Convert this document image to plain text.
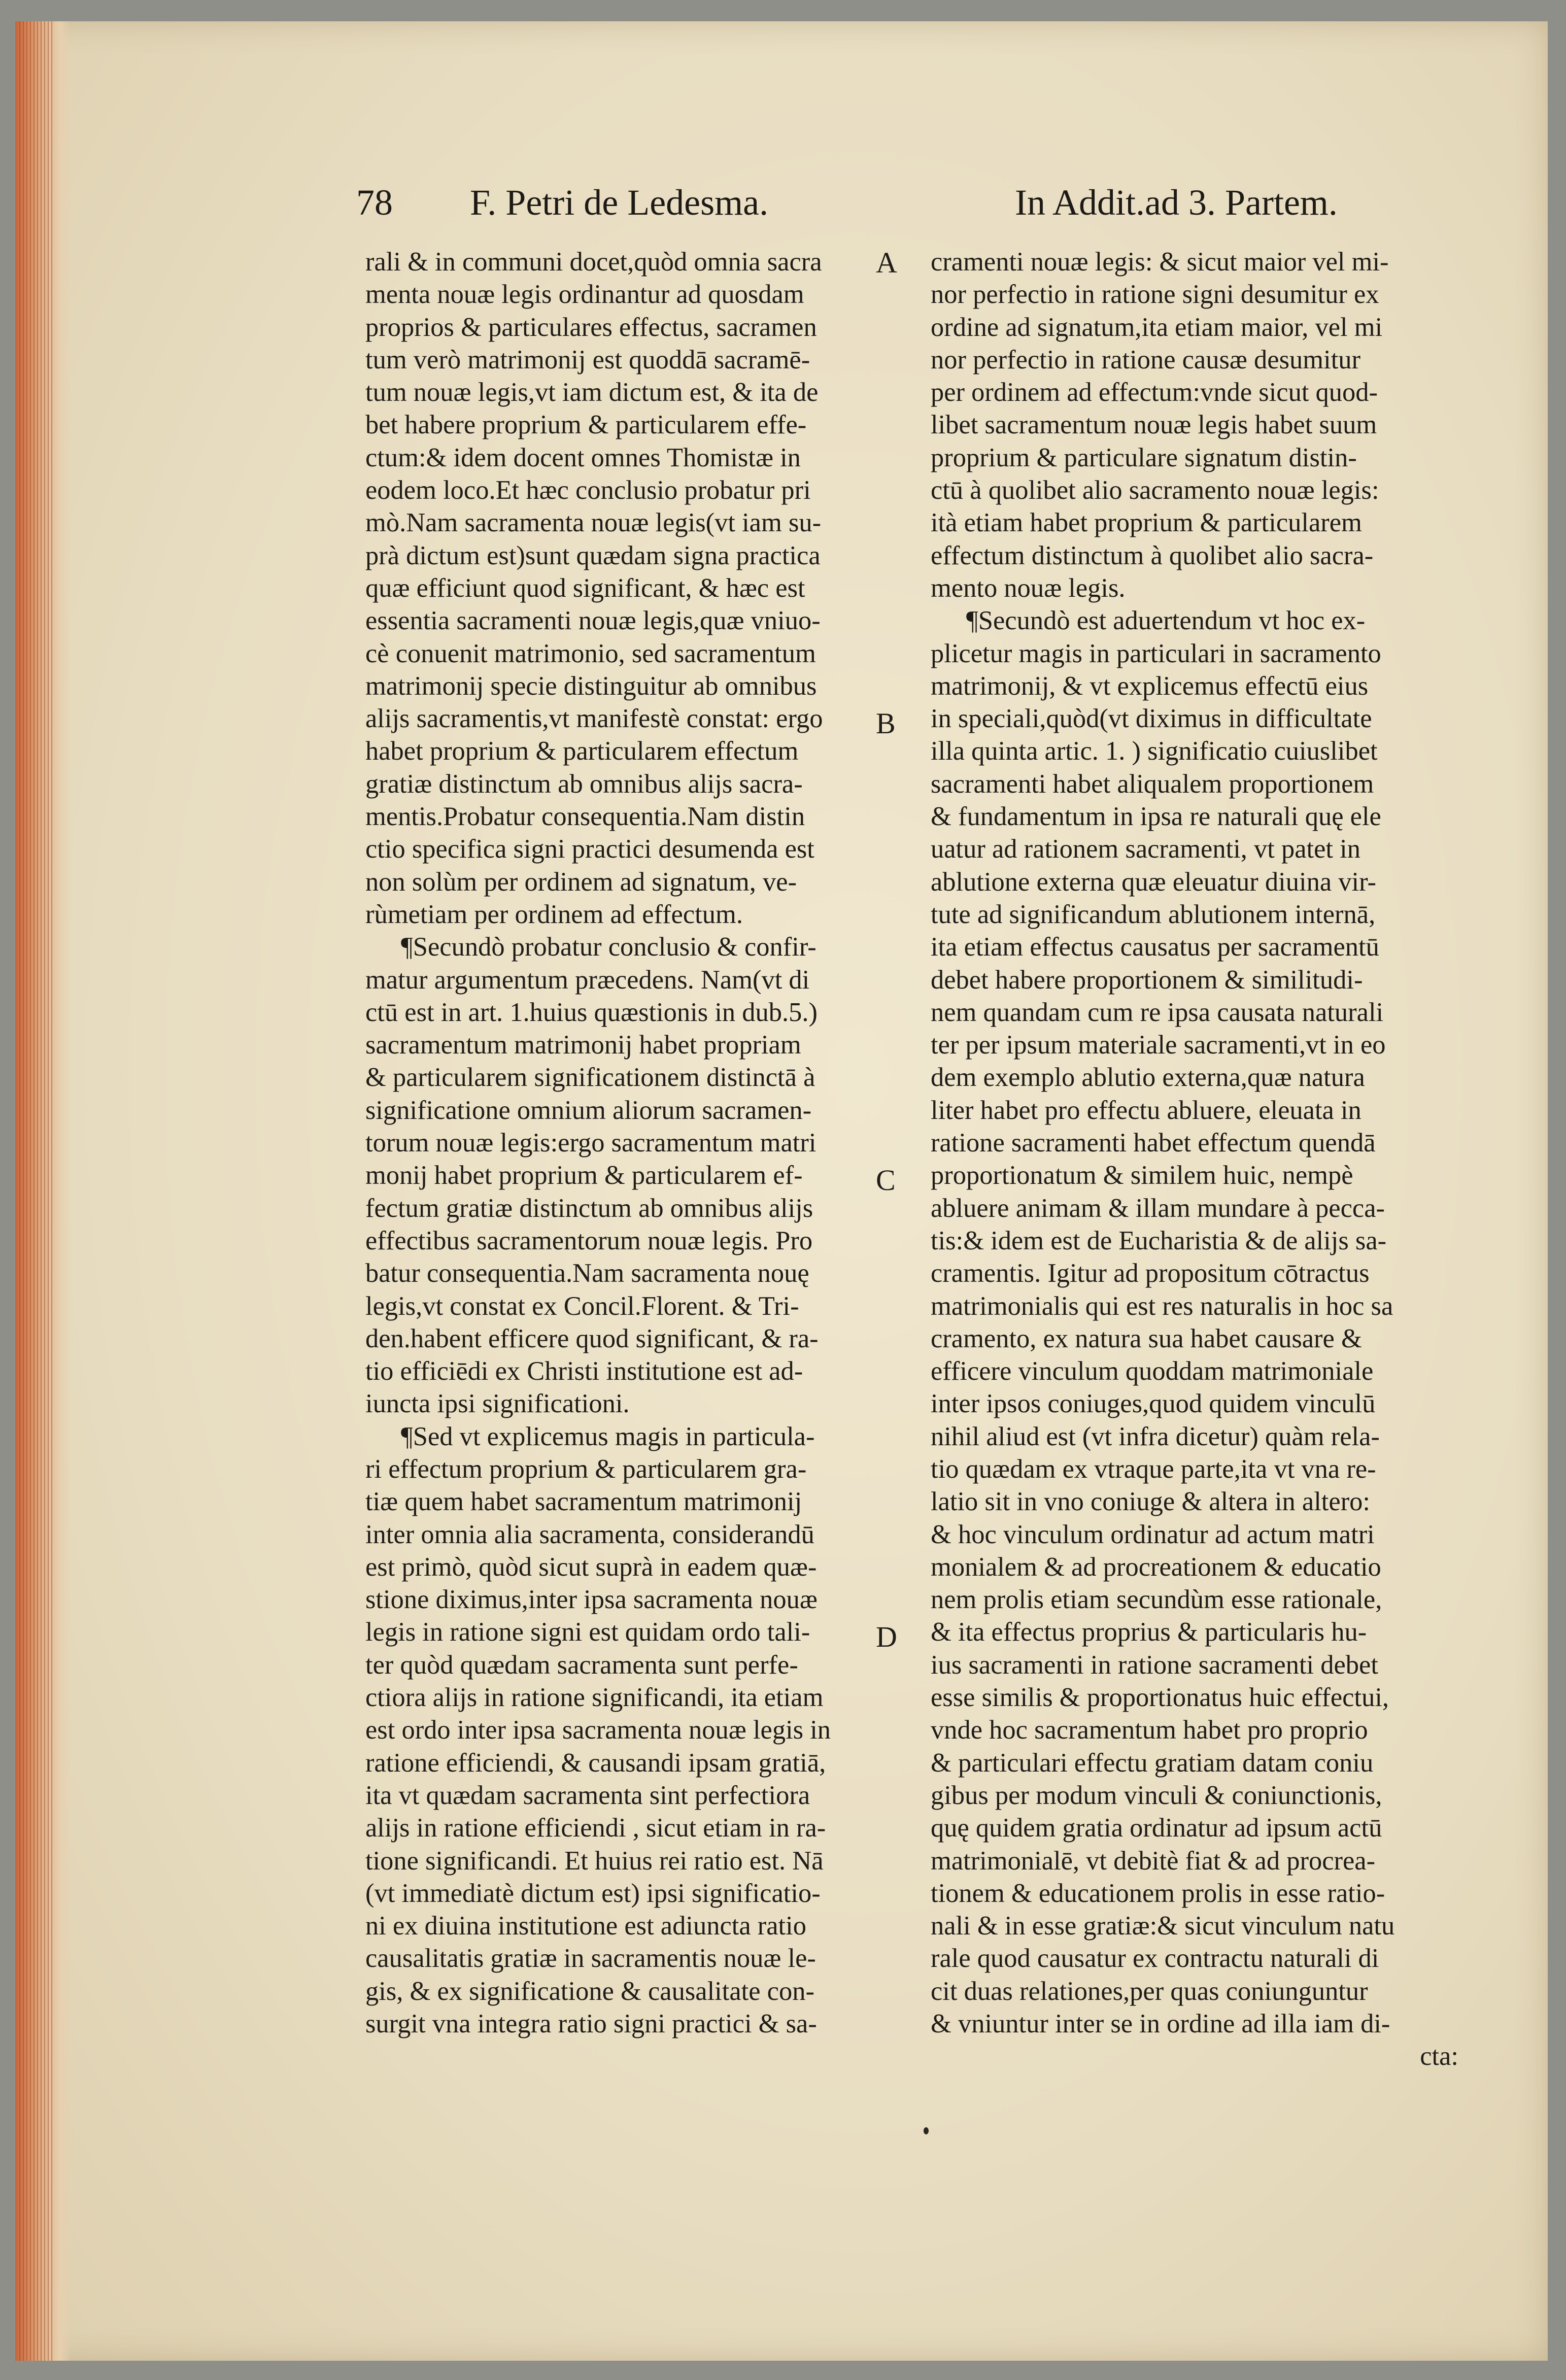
78 F. Petri de Ledesma.	In Addit.ad 3. Partem.
rali & in communi docet,quòd omnia sacra
menta nouæ legis ordinantur ad quosdam
proprios & particulares effectus, sacramen
tum verò matrimonij est quoddā sacramē-
tum nouæ legis,vt iam dictum est, & ita de
bet habere proprium & particularem effe-
ctum:& idem docent omnes Thomistæ in
eodem loco.Et hæc conclusio probatur pri
mò.Nam sacramenta nouæ legis(vt iam su-
prà dictum est)sunt quædam signa practica
quæ efficiunt quod significant, & hæc est
essentia sacramenti nouæ legis,quæ vniuo-
cè conuenit matrimonio, sed sacramentum
matrimonij specie distinguitur ab omnibus
alijs sacramentis,vt manifestè constat: ergo
habet proprium & particularem effectum
gratiæ distinctum ab omnibus alijs sacra-
mentis.Probatur consequentia.Nam distin
ctio specifica signi practici desumenda est
non solùm per ordinem ad signatum, ve-
rùmetiam per ordinem ad effectum.
¶Secundò probatur conclusio & confir-
matur argumentum præcedens. Nam(vt di
ctū est in art. 1.huius quæstionis in dub.5.)
sacramentum matrimonij habet propriam
& particularem significationem distinctā à
significatione omnium aliorum sacramen-
torum nouæ legis:ergo sacramentum matri
monij habet proprium & particularem ef-
fectum gratiæ distinctum ab omnibus alijs
effectibus sacramentorum nouæ legis. Pro
batur consequentia.Nam sacramenta nouę
legis,vt constat ex Concil.Florent. & Tri-
den.habent efficere quod significant, & ra-
tio efficiēdi ex Christi institutione est ad-
iuncta ipsi significationi.
¶Sed vt explicemus magis in particula-
ri effectum proprium & particularem gra-
tiæ quem habet sacramentum matrimonij
inter omnia alia sacramenta, considerandū
est primò, quòd sicut suprà in eadem quæ-
stione diximus,inter ipsa sacramenta nouæ
legis in ratione signi est quidam ordo tali-
ter quòd quædam sacramenta sunt perfe-
ctiora alijs in ratione significandi, ita etiam
est ordo inter ipsa sacramenta nouæ legis in
ratione efficiendi, & causandi ipsam gratiā,
ita vt quædam sacramenta sint perfectiora
alijs in ratione efficiendi , sicut etiam in ra-
tione significandi. Et huius rei ratio est. Nā
(vt immediatè dictum est) ipsi significatio-
ni ex diuina institutione est adiuncta ratio
causalitatis gratiæ in sacramentis nouæ le-
gis, & ex significatione & causalitate con-
surgit vna integra ratio signi practici & sa-
cramenti nouæ legis: & sicut maior vel mi-
nor perfectio in ratione signi desumitur ex
ordine ad signatum,ita etiam maior, vel mi
nor perfectio in ratione causæ desumitur
per ordinem ad effectum:vnde sicut quod-
libet sacramentum nouæ legis habet suum
proprium & particulare signatum distin-
ctū à quolibet alio sacramento nouæ legis:
ità etiam habet proprium & particularem
effectum distinctum à quolibet alio sacra-
mento nouæ legis.
¶Secundò est aduertendum vt hoc ex-
plicetur magis in particulari in sacramento
matrimonij, & vt explicemus effectū eius
in speciali,quòd(vt diximus in difficultate
illa quinta artic. 1. ) significatio cuiuslibet
sacramenti habet aliqualem proportionem
& fundamentum in ipsa re naturali quę ele
uatur ad rationem sacramenti, vt patet in
ablutione externa quæ eleuatur diuina vir-
tute ad significandum ablutionem internā,
ita etiam effectus causatus per sacramentū
debet habere proportionem & similitudi-
nem quandam cum re ipsa causata naturali
ter per ipsum materiale sacramenti,vt in eo
dem exemplo ablutio externa,quæ natura
liter habet pro effectu abluere, eleuata in
ratione sacramenti habet effectum quendā
proportionatum & similem huic, nempè
abluere animam & illam mundare à pecca-
tis:& idem est de Eucharistia & de alijs sa-
cramentis. Igitur ad propositum cōtractus
matrimonialis qui est res naturalis in hoc sa
cramento, ex natura sua habet causare &
efficere vinculum quoddam matrimoniale
inter ipsos coniuges,quod quidem vinculū
nihil aliud est (vt infra dicetur) quàm rela-
tio quædam ex vtraque parte,ita vt vna re-
latio sit in vno coniuge & altera in altero:
& hoc vinculum ordinatur ad actum matri
monialem & ad procreationem & educatio
nem prolis etiam secundùm esse rationale,
& ita effectus proprius & particularis hu-
ius sacramenti in ratione sacramenti debet
esse similis & proportionatus huic effectui,
vnde hoc sacramentum habet pro proprio
& particulari effectu gratiam datam coniu
gibus per modum vinculi & coniunctionis,
quę quidem gratia ordinatur ad ipsum actū
matrimonialē, vt debitè fiat & ad procrea-
tionem & educationem prolis in esse ratio-
nali & in esse gratiæ:& sicut vinculum natu
rale quod causatur ex contractu naturali di
cit duas relationes,per quas coniunguntur
& vniuntur inter se in ordine ad illa iam di-
cta:
A
B
C
D
